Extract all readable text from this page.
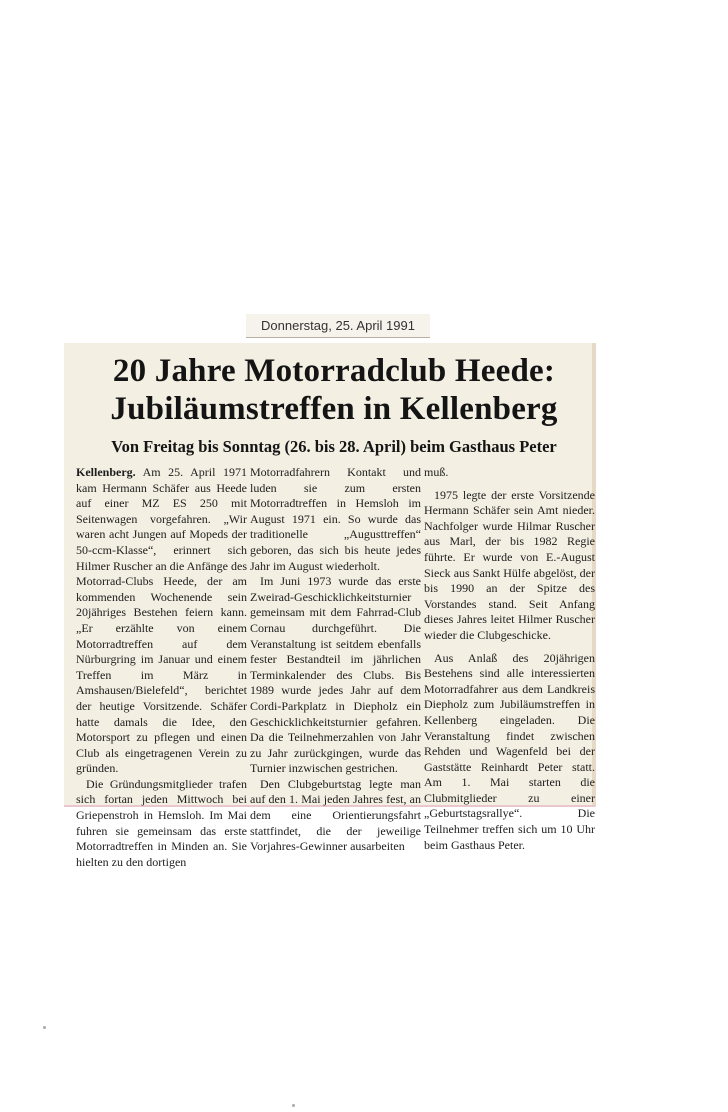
Donnerstag, 25. April 1991
20 Jahre Motorradclub Heede:
Jubiläumstreffen in Kellenberg

Von Freitag bis Sonntag (26. bis 28. April) beim Gasthaus Peter

Kellenberg. Am 25. April 1971 kam Hermann Schäfer aus Heede auf einer MZ ES 250 mit Seitenwagen vorgefahren. „Wir waren acht Jungen auf Mopeds der 50-ccm-Klasse“, erinnert sich Hilmer Ruscher an die Anfänge des Motorrad-Clubs Heede, der am kommenden Wochenende sein 20jähriges Bestehen feiern kann. „Er erzählte von einem Motorradtreffen auf dem Nürburgring im Januar und einem Treffen im März in Amshausen/Bielefeld“, berichtet der heutige Vorsitzende. Schäfer hatte damals die Idee, den Motorsport zu pflegen und einen Club als eingetragenen Verein zu gründen.

Die Gründungsmitglieder trafen sich fortan jeden Mittwoch bei Griepenstroh in Hemsloh. Im Mai fuhren sie gemeinsam das erste Motorradtreffen in Minden an. Sie hielten zu den dortigen

Motorradfahrern Kontakt und luden sie zum ersten Motorradtreffen in Hemsloh im August 1971 ein. So wurde das traditionelle „Augusttreffen“ geboren, das sich bis heute jedes Jahr im August wiederholt.

Im Juni 1973 wurde das erste Zweirad-Geschicklichkeitsturnier gemeinsam mit dem Fahrrad-Club Cornau durchgeführt. Die Veranstaltung ist seitdem ebenfalls fester Bestandteil im jährlichen Terminkalender des Clubs. Bis 1989 wurde jedes Jahr auf dem Cordi-Parkplatz in Diepholz ein Geschicklichkeitsturnier gefahren. Da die Teilnehmerzahlen von Jahr zu Jahr zurückgingen, wurde das Turnier inzwischen gestrichen.

Den Clubgeburtstag legte man auf den 1. Mai jeden Jahres fest, an dem eine Orientierungsfahrt stattfindet, die der jeweilige Vorjahres-Gewinner ausarbeiten

muß.

1975 legte der erste Vorsitzende Hermann Schäfer sein Amt nieder. Nachfolger wurde Hilmar Ruscher aus Marl, der bis 1982 Regie führte. Er wurde von E.-August Sieck aus Sankt Hülfe abgelöst, der bis 1990 an der Spitze des Vorstandes stand. Seit Anfang dieses Jahres leitet Hilmer Ruscher wieder die Clubgeschicke.

Aus Anlaß des 20jährigen Bestehens sind alle interessierten Motorradfahrer aus dem Landkreis Diepholz zum Jubiläumstreffen in Kellenberg eingeladen. Die Veranstaltung findet zwischen Rehden und Wagenfeld bei der Gaststätte Reinhardt Peter statt. Am 1. Mai starten die Clubmitglieder zu einer „Geburtstagsrallye“. Die Teilnehmer treffen sich um 10 Uhr beim Gasthaus Peter.
